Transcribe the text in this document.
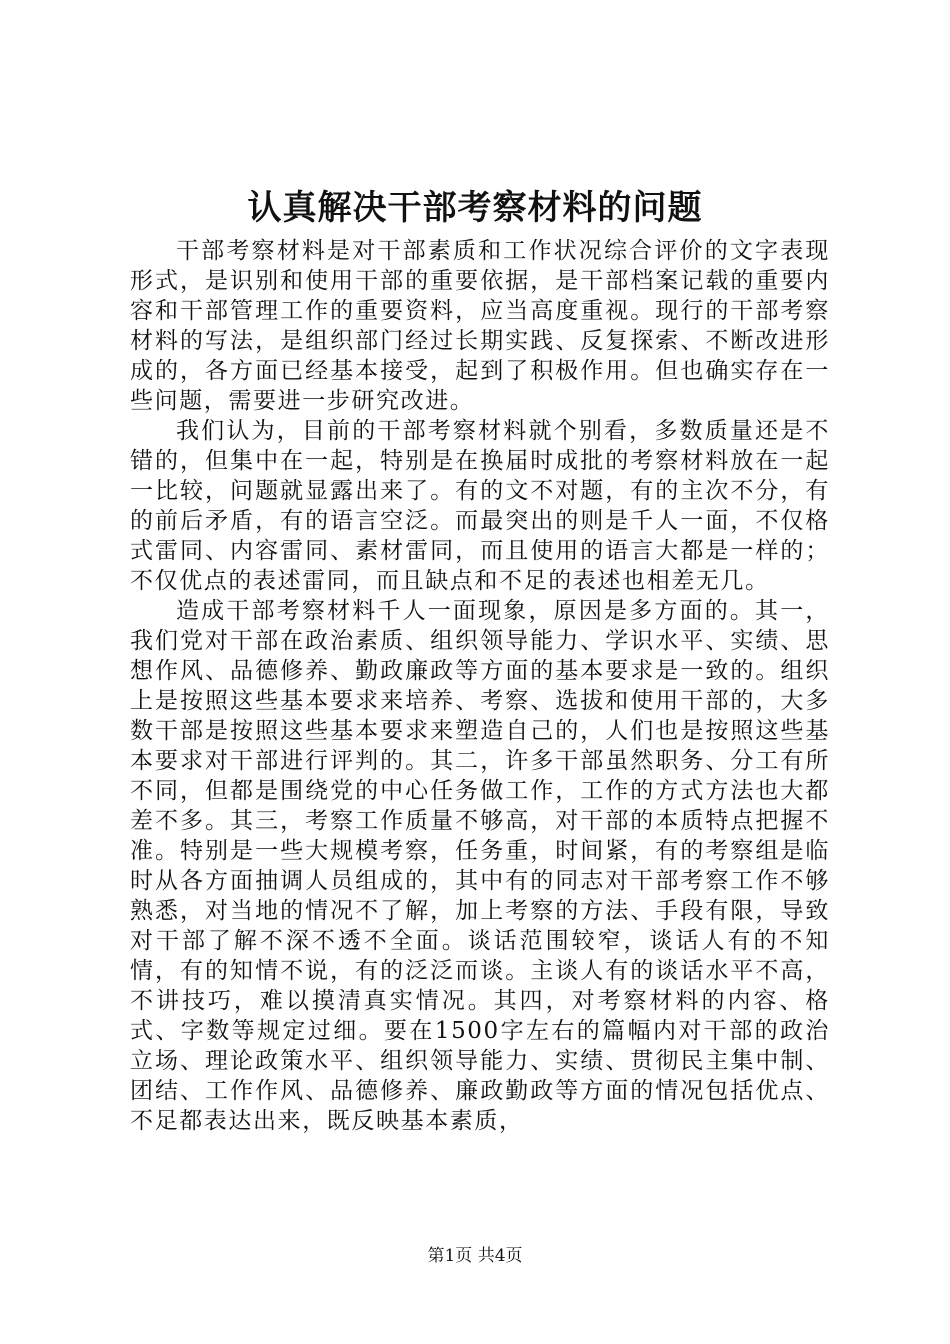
认真解决干部考察材料的问题

干部考察材料是对干部素质和工作状况综合评价的文字表现形式，是识别和使用干部的重要依据，是干部档案记载的重要内容和干部管理工作的重要资料，应当高度重视。现行的干部考察材料的写法，是组织部门经过长期实践、反复探索、不断改进形成的，各方面已经基本接受，起到了积极作用。但也确实存在一些问题，需要进一步研究改进。

我们认为，目前的干部考察材料就个别看，多数质量还是不错的，但集中在一起，特别是在换届时成批的考察材料放在一起一比较，问题就显露出来了。有的文不对题，有的主次不分，有的前后矛盾，有的语言空泛。而最突出的则是千人一面，不仅格式雷同、内容雷同、素材雷同，而且使用的语言大都是一样的；不仅优点的表述雷同，而且缺点和不足的表述也相差无几。

造成干部考察材料千人一面现象，原因是多方面的。其一，我们党对干部在政治素质、组织领导能力、学识水平、实绩、思想作风、品德修养、勤政廉政等方面的基本要求是一致的。组织上是按照这些基本要求来培养、考察、选拔和使用干部的，大多数干部是按照这些基本要求来塑造自己的，人们也是按照这些基本要求对干部进行评判的。其二，许多干部虽然职务、分工有所不同，但都是围绕党的中心任务做工作，工作的方式方法也大都差不多。其三，考察工作质量不够高，对干部的本质特点把握不准。特别是一些大规模考察，任务重，时间紧，有的考察组是临时从各方面抽调人员组成的，其中有的同志对干部考察工作不够熟悉，对当地的情况不了解，加上考察的方法、手段有限，导致对干部了解不深不透不全面。谈话范围较窄，谈话人有的不知情，有的知情不说，有的泛泛而谈。主谈人有的谈话水平不高，不讲技巧，难以摸清真实情况。其四，对考察材料的内容、格式、字数等规定过细。要在1500字左右的篇幅内对干部的政治立场、理论政策水平、组织领导能力、实绩、贯彻民主集中制、团结、工作作风、品德修养、廉政勤政等方面的情况包括优点、不足都表达出来，既反映基本素质，

第1页 共4页
